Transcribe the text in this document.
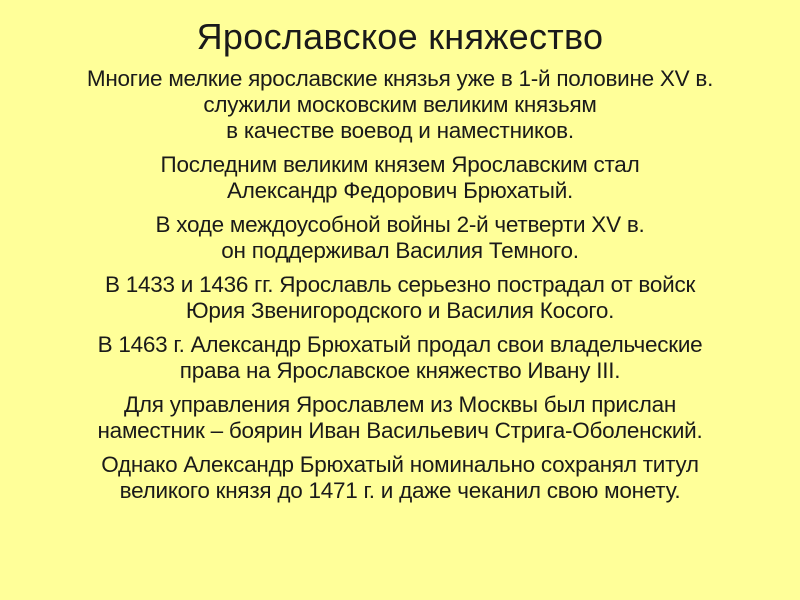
Ярославское княжество
Многие мелкие ярославские князья уже в 1-й половине XV в.
служили московским великим князьям
в качестве воевод и наместников.
Последним великим князем Ярославским стал
Александр Федорович Брюхатый.
В ходе междоусобной войны 2-й четверти XV в.
он поддерживал Василия Темного.
В 1433 и 1436 гг. Ярославль серьезно пострадал от войск
Юрия Звенигородского и Василия Косого.
В 1463 г. Александр Брюхатый продал свои владельческие
права на Ярославское княжество Ивану III.
Для управления Ярославлем из Москвы был прислан
наместник – боярин Иван Васильевич Стрига-Оболенский.
Однако Александр Брюхатый номинально сохранял титул
великого князя до 1471 г. и даже чеканил свою монету.
